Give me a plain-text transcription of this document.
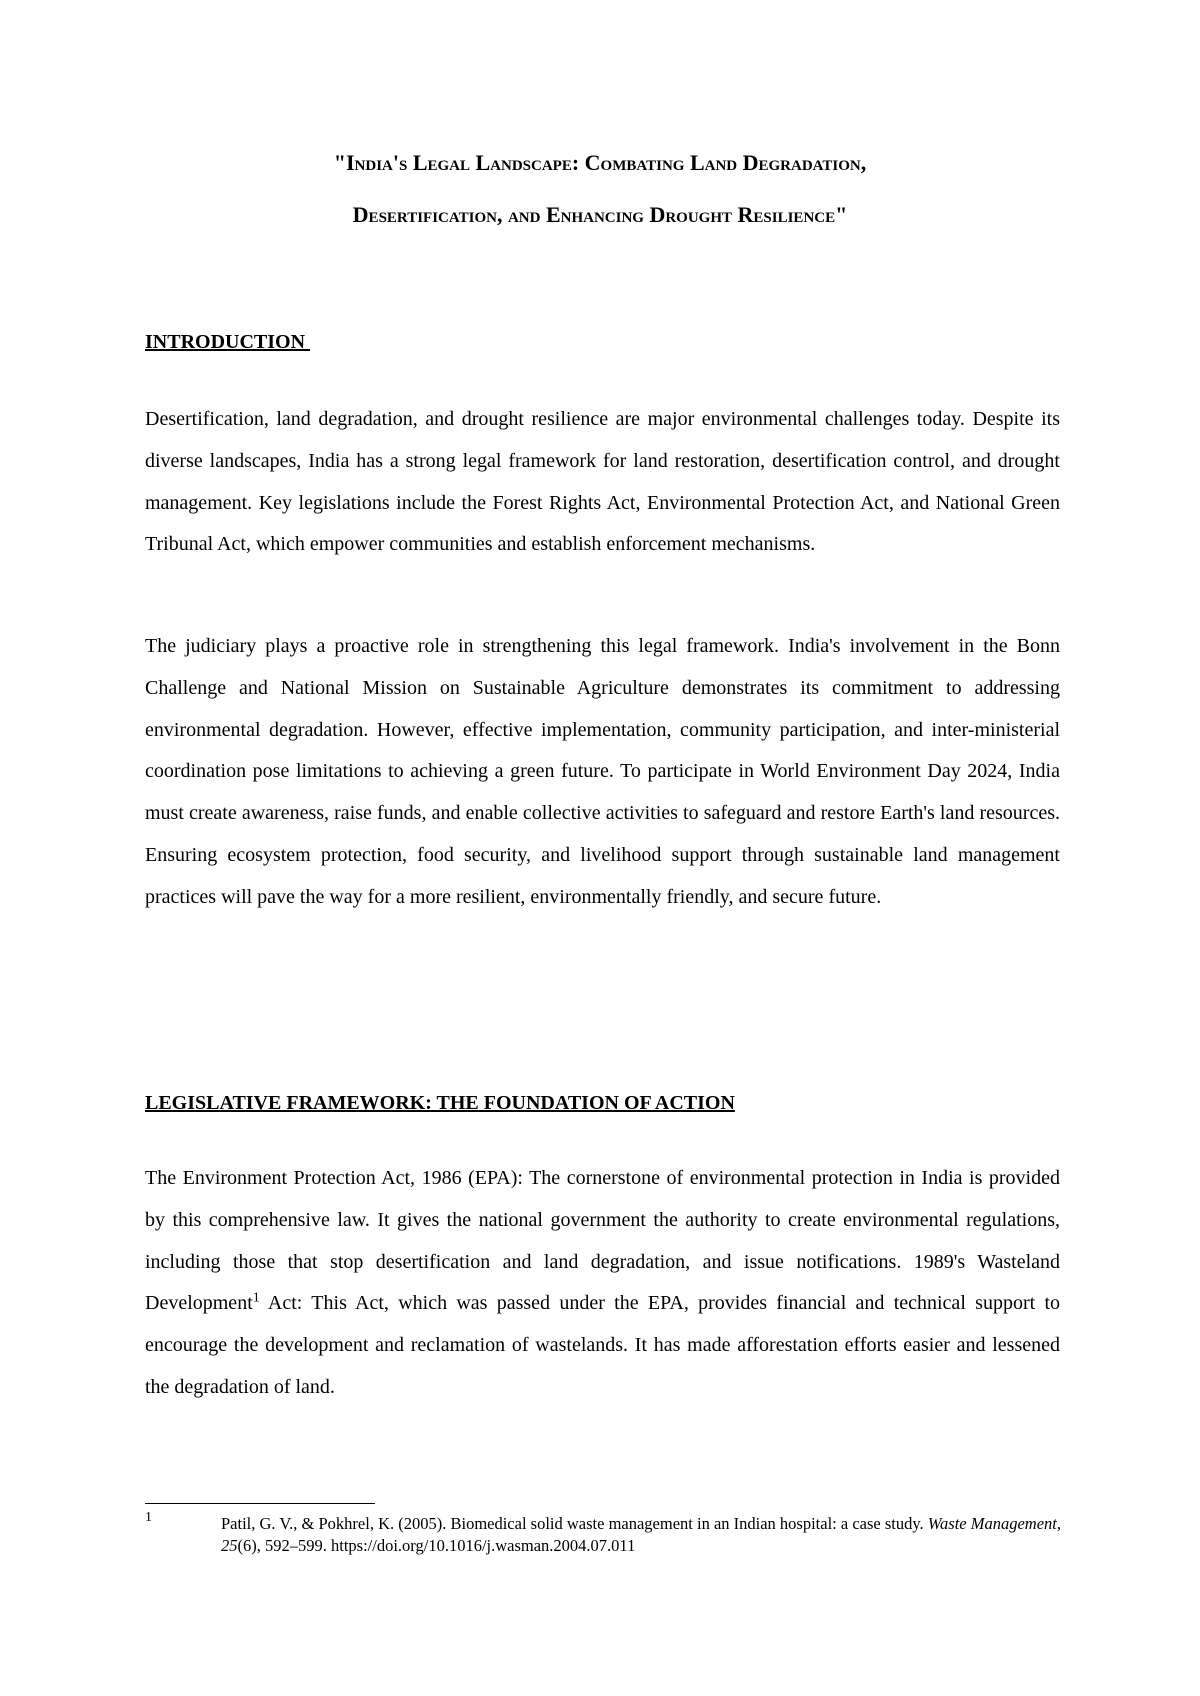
"India's Legal Landscape: Combating Land Degradation,

Desertification, and Enhancing Drought Resilience"

INTRODUCTION

Desertification, land degradation, and drought resilience are major environmental challenges today. Despite its diverse landscapes, India has a strong legal framework for land restoration, desertification control, and drought management. Key legislations include the Forest Rights Act, Environmental Protection Act, and National Green Tribunal Act, which empower communities and establish enforcement mechanisms.

The judiciary plays a proactive role in strengthening this legal framework. India's involvement in the Bonn Challenge and National Mission on Sustainable Agriculture demonstrates its commitment to addressing environmental degradation. However, effective implementation, community participation, and inter-ministerial coordination pose limitations to achieving a green future. To participate in World Environment Day 2024, India must create awareness, raise funds, and enable collective activities to safeguard and restore Earth's land resources. Ensuring ecosystem protection, food security, and livelihood support through sustainable land management practices will pave the way for a more resilient, environmentally friendly, and secure future.

LEGISLATIVE FRAMEWORK: THE FOUNDATION OF ACTION

The Environment Protection Act, 1986 (EPA): The cornerstone of environmental protection in India is provided by this comprehensive law. It gives the national government the authority to create environmental regulations, including those that stop desertification and land degradation, and issue notifications. 1989's Wasteland Development$^1$ Act: This Act, which was passed under the EPA, provides financial and technical support to encourage the development and reclamation of wastelands. It has made afforestation efforts easier and lessened the degradation of land.

1	Patil, G. V., & Pokhrel, K. (2005). Biomedical solid waste management in an Indian hospital: a case study. Waste Management, 25(6), 592–599. https://doi.org/10.1016/j.wasman.2004.07.011
